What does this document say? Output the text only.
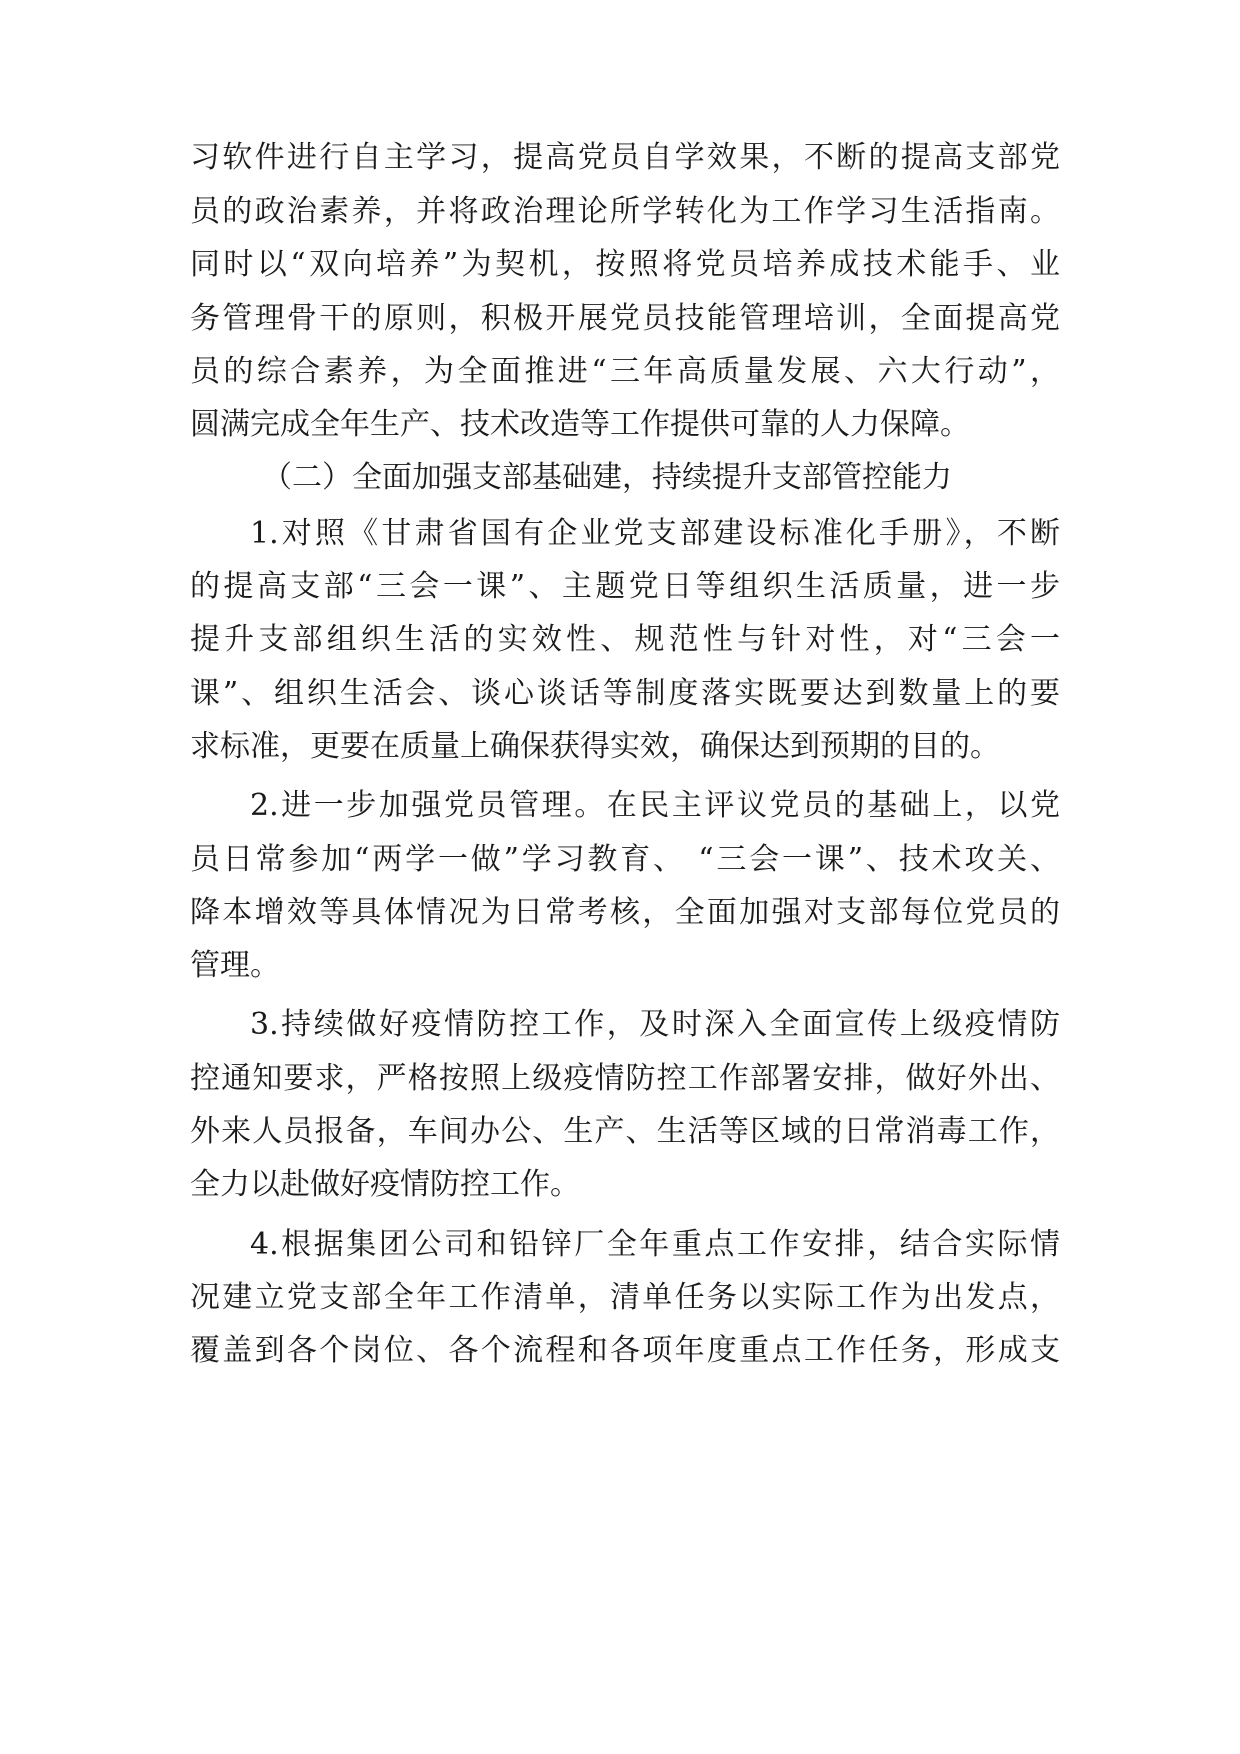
习软件进行自主学习，提高党员自学效果，不断的提高支部党
员的政治素养，并将政治理论所学转化为工作学习生活指南。
同时以“双向培养”为契机，按照将党员培养成技术能手、业
务管理骨干的原则，积极开展党员技能管理培训，全面提高党
员的综合素养，为全面推进“三年高质量发展、六大行动”，
圆满完成全年生产、技术改造等工作提供可靠的人力保障。
（二）全面加强支部基础建，持续提升支部管控能力
1.对照《甘肃省国有企业党支部建设标准化手册》，不断
的提高支部“三会一课”、主题党日等组织生活质量，进一步
提升支部组织生活的实效性、规范性与针对性，对“三会一
课”、组织生活会、谈心谈话等制度落实既要达到数量上的要
求标准，更要在质量上确保获得实效，确保达到预期的目的。
2.进一步加强党员管理。在民主评议党员的基础上，以党
员日常参加“两学一做”学习教育、 “三会一课”、技术攻关、
降本增效等具体情况为日常考核，全面加强对支部每位党员的
管理。
3.持续做好疫情防控工作，及时深入全面宣传上级疫情防
控通知要求，严格按照上级疫情防控工作部署安排，做好外出、
外来人员报备，车间办公、生产、生活等区域的日常消毒工作，
全力以赴做好疫情防控工作。
4.根据集团公司和铅锌厂全年重点工作安排，结合实际情
况建立党支部全年工作清单，清单任务以实际工作为出发点，
覆盖到各个岗位、各个流程和各项年度重点工作任务，形成支
